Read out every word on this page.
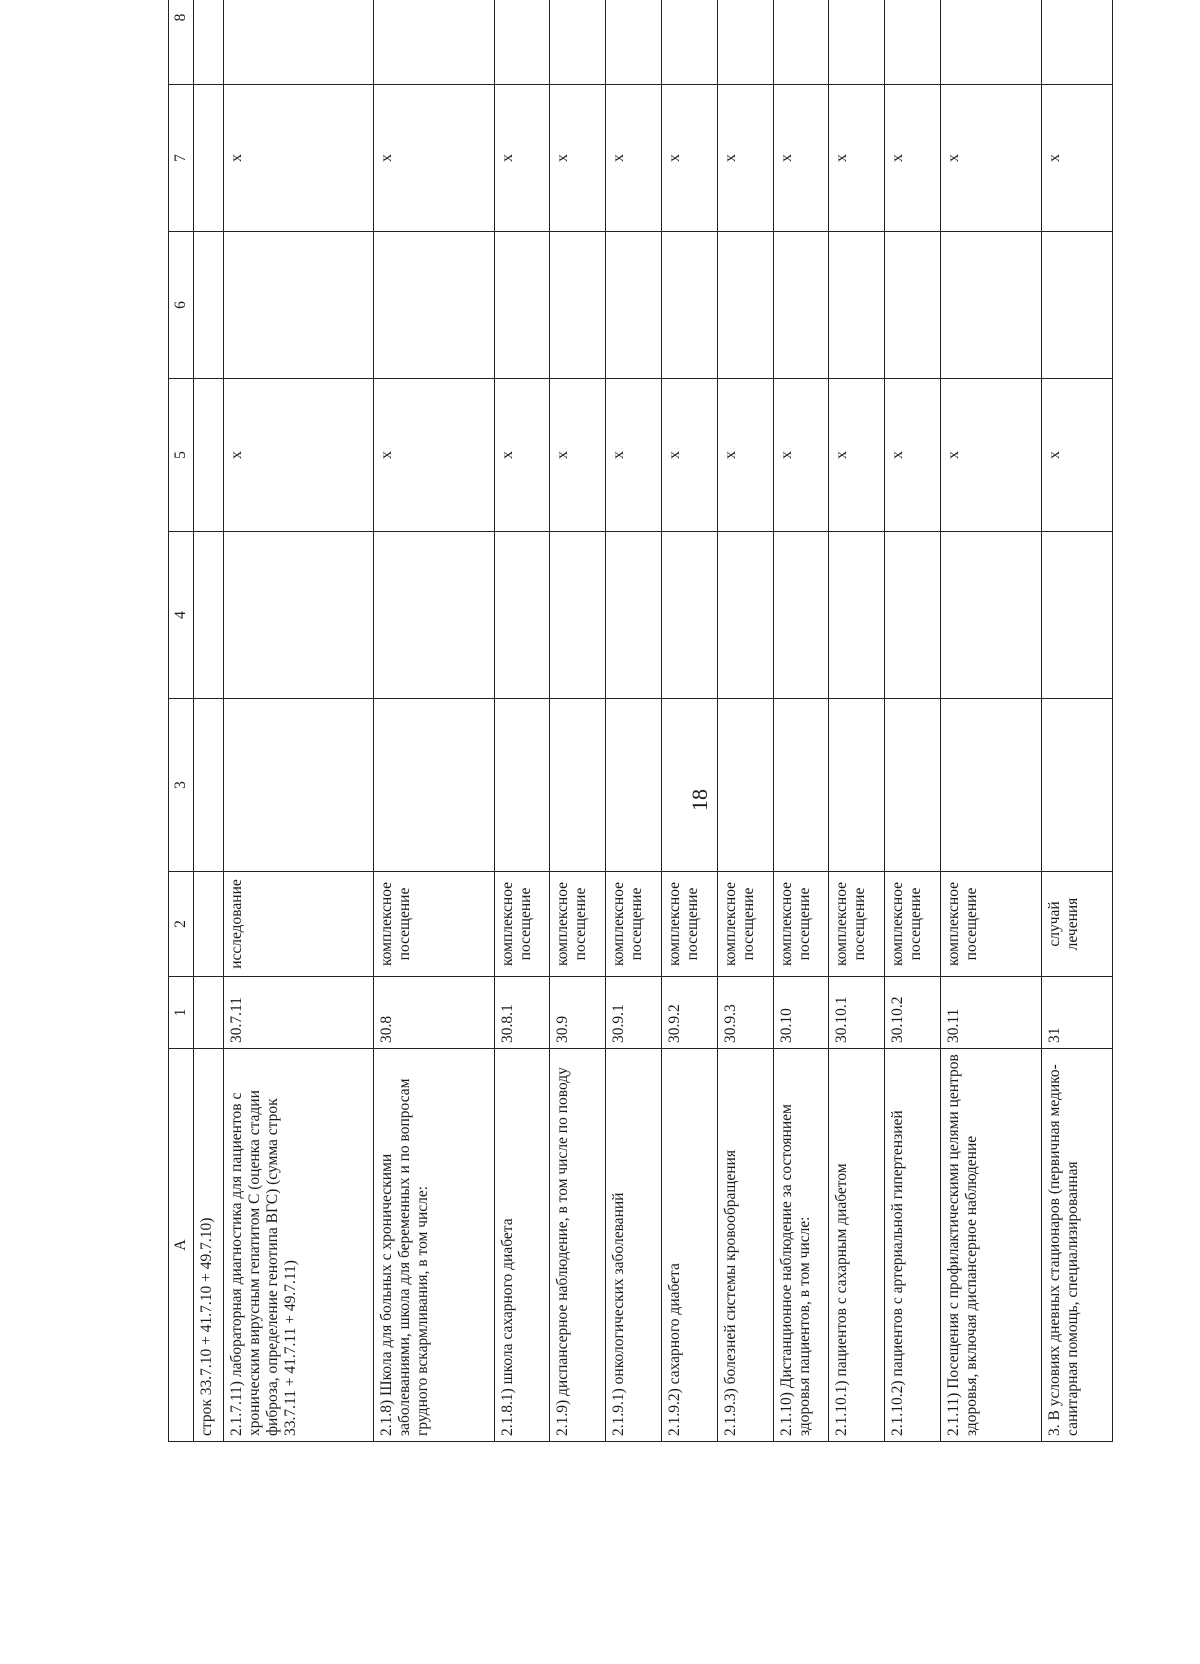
18
А	1	2	3	4	5	6	7	8	
строк 33.7.10 + 41.7.10 + 49.7.10)									
2.1.7.11) лабораторная диагностика для пациентов с хроническим вирусным гепатитом С (оценка стадии фиброза, определение генотипа ВГС) (сумма строк 33.7.11 + 41.7.11 + 49.7.11)	30.7.11	исследование			х		х		
2.1.8) Школа для больных с хроническими заболеваниями, школа для беременных и по вопросам грудного вскармливания, в том числе:	30.8	комплексное посещение			х		х		
2.1.8.1) школа сахарного диабета	30.8.1	комплексное посещение			х		х		
2.1.9) диспансерное наблюдение, в том числе по поводу	30.9	комплексное посещение			х		х		
2.1.9.1) онкологических заболеваний	30.9.1	комплексное посещение			х		х		
2.1.9.2) сахарного диабета	30.9.2	комплексное посещение			х		х		
2.1.9.3) болезней системы кровообращения	30.9.3	комплексное посещение			х		х		
2.1.10) Дистанционное наблюдение за состоянием здоровья пациентов, в том числе:	30.10	комплексное посещение			х		х		
2.1.10.1) пациентов с сахарным диабетом	30.10.1	комплексное посещение			х		х		
2.1.10.2) пациентов с артериальной гипертензией	30.10.2	комплексное посещение			х		х		
2.1.11) Посещения с профилактическими целями центров здоровья, включая диспансерное наблюдение	30.11	комплексное посещение			х		х		
3. В условиях дневных стационаров (первичная медико-санитарная помощь, специализированная	31	случай лечения			х		х		
